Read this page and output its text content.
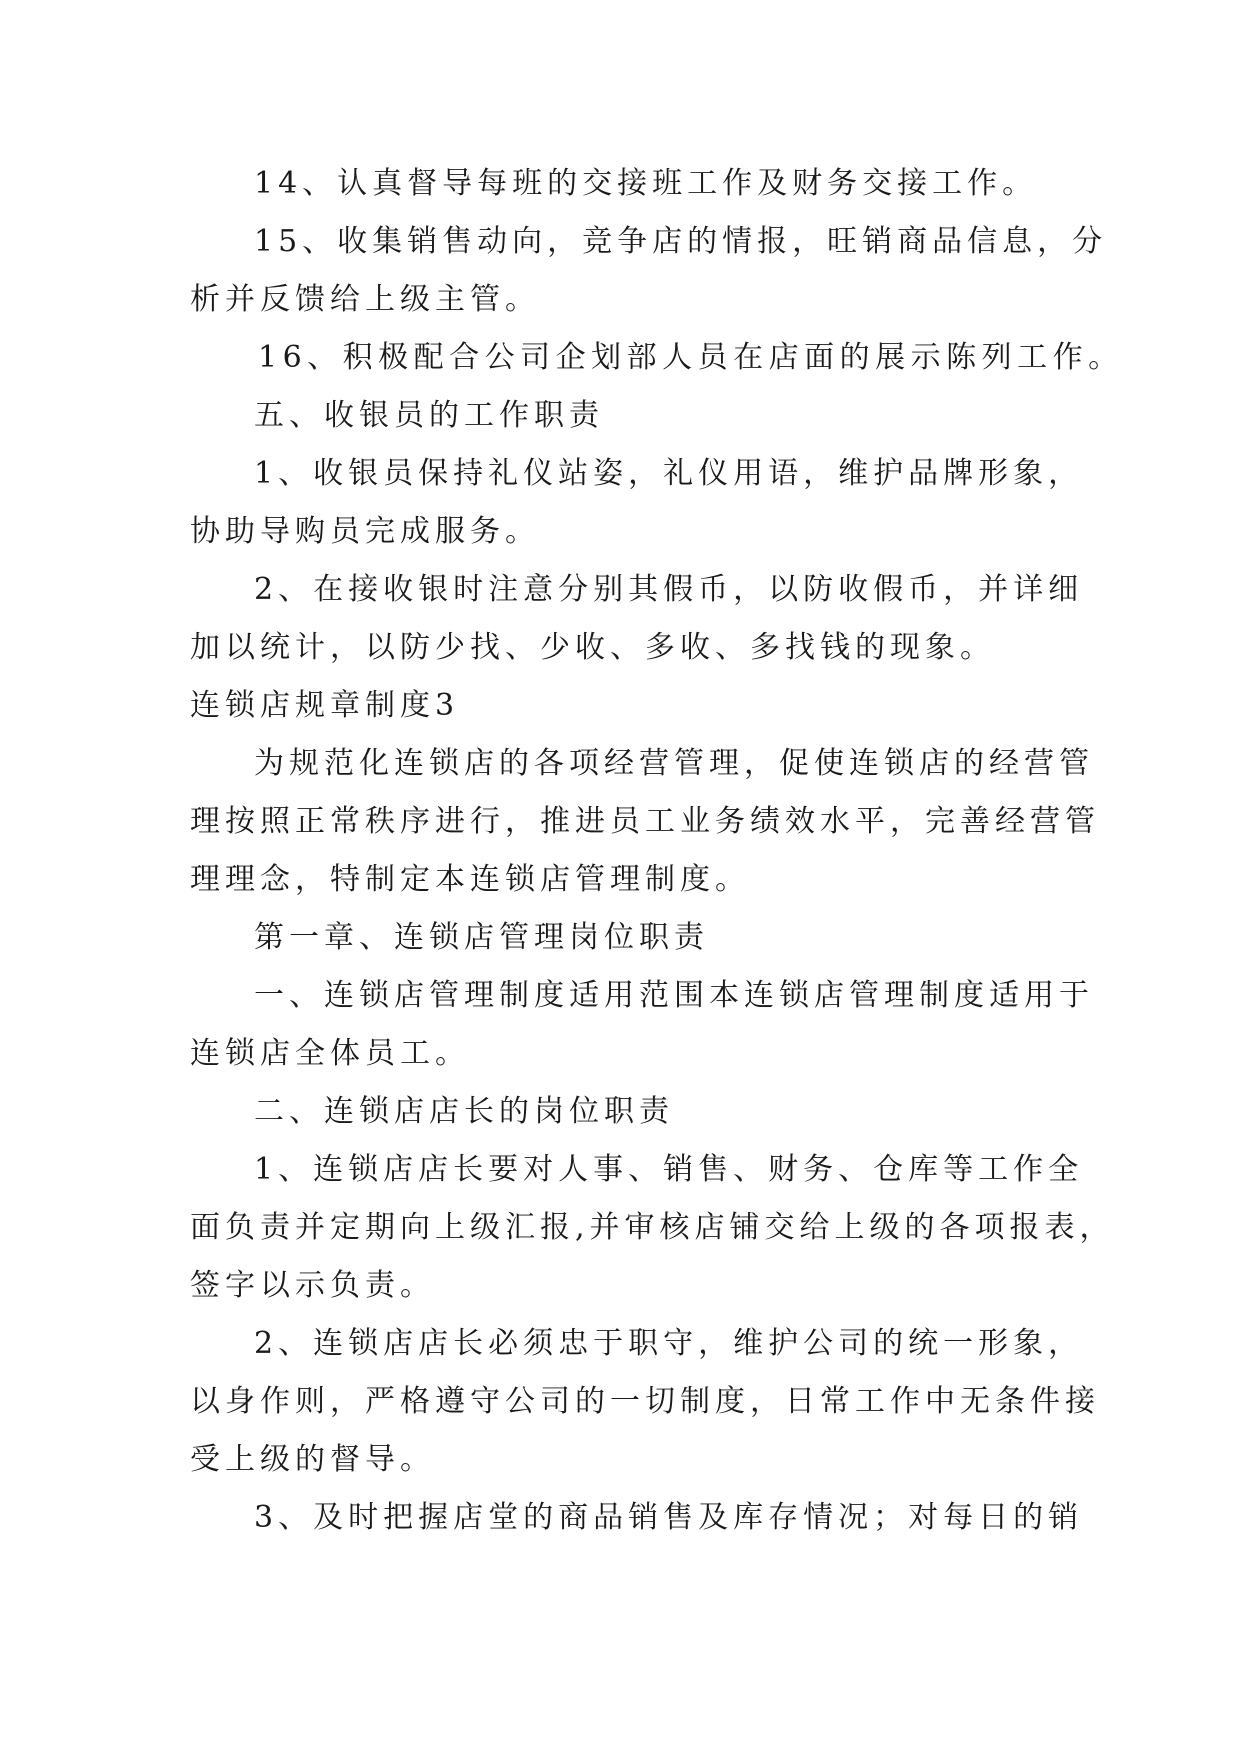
14、认真督导每班的交接班工作及财务交接工作。
15、收集销售动向，竞争店的情报，旺销商品信息，分
析并反馈给上级主管。
16、积极配合公司企划部人员在店面的展示陈列工作。
五、收银员的工作职责
1、收银员保持礼仪站姿，礼仪用语，维护品牌形象，
协助导购员完成服务。
2、在接收银时注意分别其假币，以防收假币，并详细
加以统计，以防少找、少收、多收、多找钱的现象。
连锁店规章制度3
为规范化连锁店的各项经营管理，促使连锁店的经营管
理按照正常秩序进行，推进员工业务绩效水平，完善经营管
理理念，特制定本连锁店管理制度。
第一章、连锁店管理岗位职责
一、连锁店管理制度适用范围本连锁店管理制度适用于
连锁店全体员工。
二、连锁店店长的岗位职责
1、连锁店店长要对人事、销售、财务、仓库等工作全
面负责并定期向上级汇报,并审核店铺交给上级的各项报表，
签字以示负责。
2、连锁店店长必须忠于职守，维护公司的统一形象，
以身作则，严格遵守公司的一切制度，日常工作中无条件接
受上级的督导。
3、及时把握店堂的商品销售及库存情况；对每日的销
